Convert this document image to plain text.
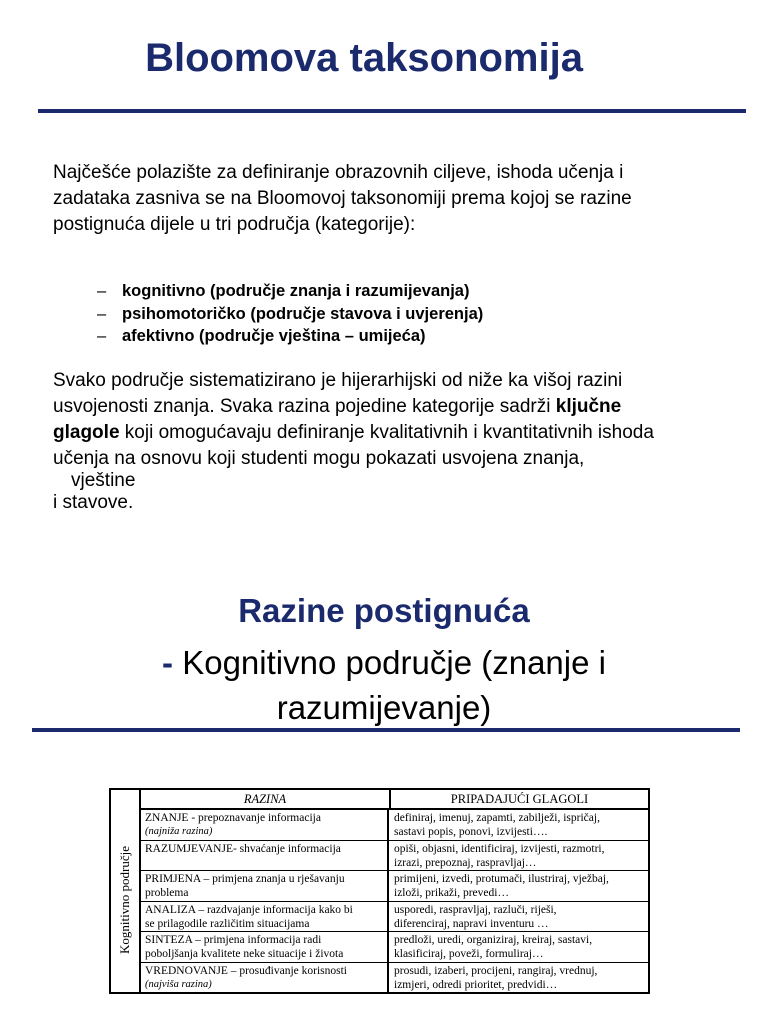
Bloomova taksonomija
Najčešće polazište za definiranje obrazovnih ciljeve, ishoda učenja i
zadataka zasniva se na Bloomovoj taksonomiji prema kojoj se razine
postignuća dijele u tri područja (kategorije):
– kognitivno (područje znanja i razumijevanja)
– psihomotoričko (područje stavova i uvjerenja)
– afektivno (područje vještina – umijeća)
Svako područje sistematizirano je hijerarhijski od niže ka višoj razini
usvojenosti znanja. Svaka razina pojedine kategorije sadrži ključne
glagole koji omogućavaju definiranje kvalitativnih i kvantitativnih ishoda
učenja na osnovu koji studenti mogu pokazati usvojena znanja,
vještine
i stavove.
Razine postignuća
- Kognitivno područje (znanje i
razumijevanje)
Kognitivno područje
RAZINA	PRIPADAJUĆI GLAGOLI
ZNANJE - prepoznavanje informacija
(najniža razina)
definiraj, imenuj, zapamti, zabilježi, ispričaj,
sastavi popis, ponovi, izvijesti….
RAZUMJEVANJE- shvaćanje informacija	opiši, objasni, identificiraj, izvijesti, razmotri,
izrazi, prepoznaj, raspravljaj…
PRIMJENA – primjena znanja u rješavanju
problema
primijeni, izvedi, protumači, ilustriraj, vježbaj,
izloži, prikaži, prevedi…
ANALIZA – razdvajanje informacija kako bi
se prilagodile različitim situacijama
usporedi, raspravljaj, razluči, riješi,
diferenciraj, napravi inventuru …
SINTEZA – primjena informacija radi
poboljšanja kvalitete neke situacije i života
predloži, uredi, organiziraj, kreiraj, sastavi,
klasificiraj, poveži, formuliraj…
VREDNOVANJE – prosuđivanje korisnosti
(najviša razina)
prosudi, izaberi, procijeni, rangiraj, vrednuj,
izmjeri, odredi prioritet, predvidi…
